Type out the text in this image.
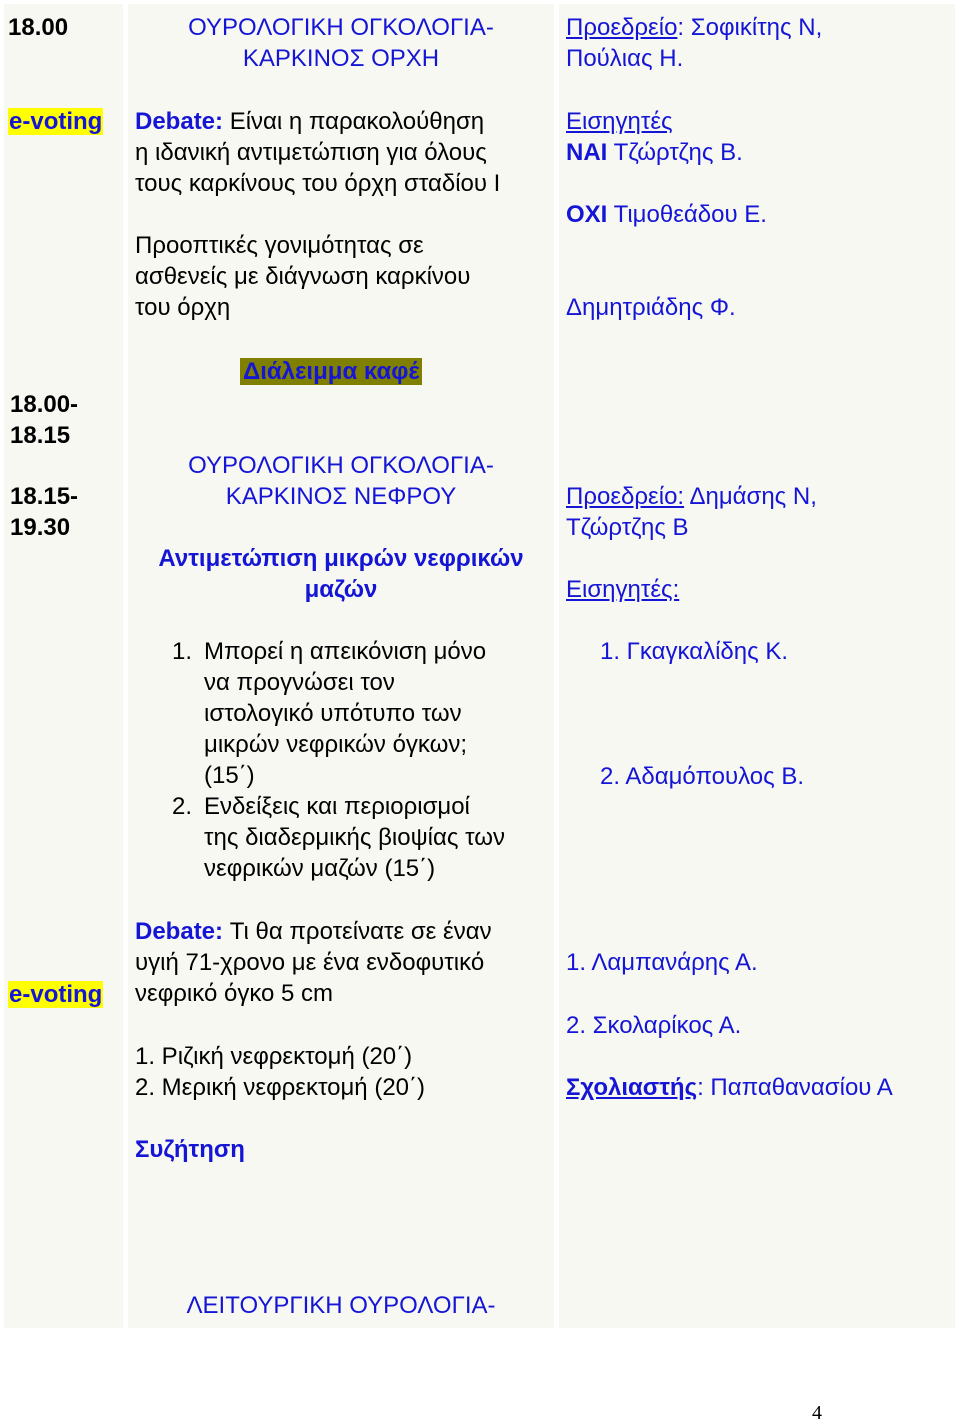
18.00
e-voting
18.00-
18.15
18.15-
19.30
e-voting
ΟΥΡΟΛΟΓΙΚΗ ΟΓΚΟΛΟΓΙΑ-
ΚΑΡΚΙΝΟΣ ΟΡΧΗ
Debate: Είναι η παρακολούθηση
η ιδανική αντιμετώπιση για όλους
τους καρκίνους του όρχη σταδίου Ι
Προοπτικές γονιμότητας σε
ασθενείς με διάγνωση καρκίνου
του όρχη
Διάλειμμα καφέ
ΟΥΡΟΛΟΓΙΚΗ ΟΓΚΟΛΟΓΙΑ-
ΚΑΡΚΙΝΟΣ ΝΕΦΡΟΥ
Αντιμετώπιση μικρών νεφρικών
μαζών
1. Μπορεί η απεικόνιση μόνο
να προγνώσει τον
ιστολογικό υπότυπο των
μικρών νεφρικών όγκων;
(15΄)
2. Ενδείξεις και περιορισμοί
της διαδερμικής βιοψίας των
νεφρικών μαζών (15΄)
Debate: Τι θα προτείνατε σε έναν
υγιή 71-χρονο με ένα ενδοφυτικό
νεφρικό όγκο 5 cm
1. Ριζική νεφρεκτομή (20΄)
2. Μερική νεφρεκτομή (20΄)
Συζήτηση
ΛΕΙΤΟΥΡΓΙΚΗ ΟΥΡΟΛΟΓΙΑ-
Προεδρείο: Σοφικίτης Ν,
Πούλιας Η.
Εισηγητές
ΝΑΙ Τζώρτζης Β.
ΟΧΙ Τιμοθεάδου Ε.
Δημητριάδης Φ.
Προεδρείο: Δημάσης Ν,
Τζώρτζης Β
Εισηγητές:
1. Γκαγκαλίδης Κ.
2. Αδαμόπουλος Β.
1. Λαμπανάρης Α.
2. Σκολαρίκος Α.
Σχολιαστής: Παπαθανασίου Α
4
